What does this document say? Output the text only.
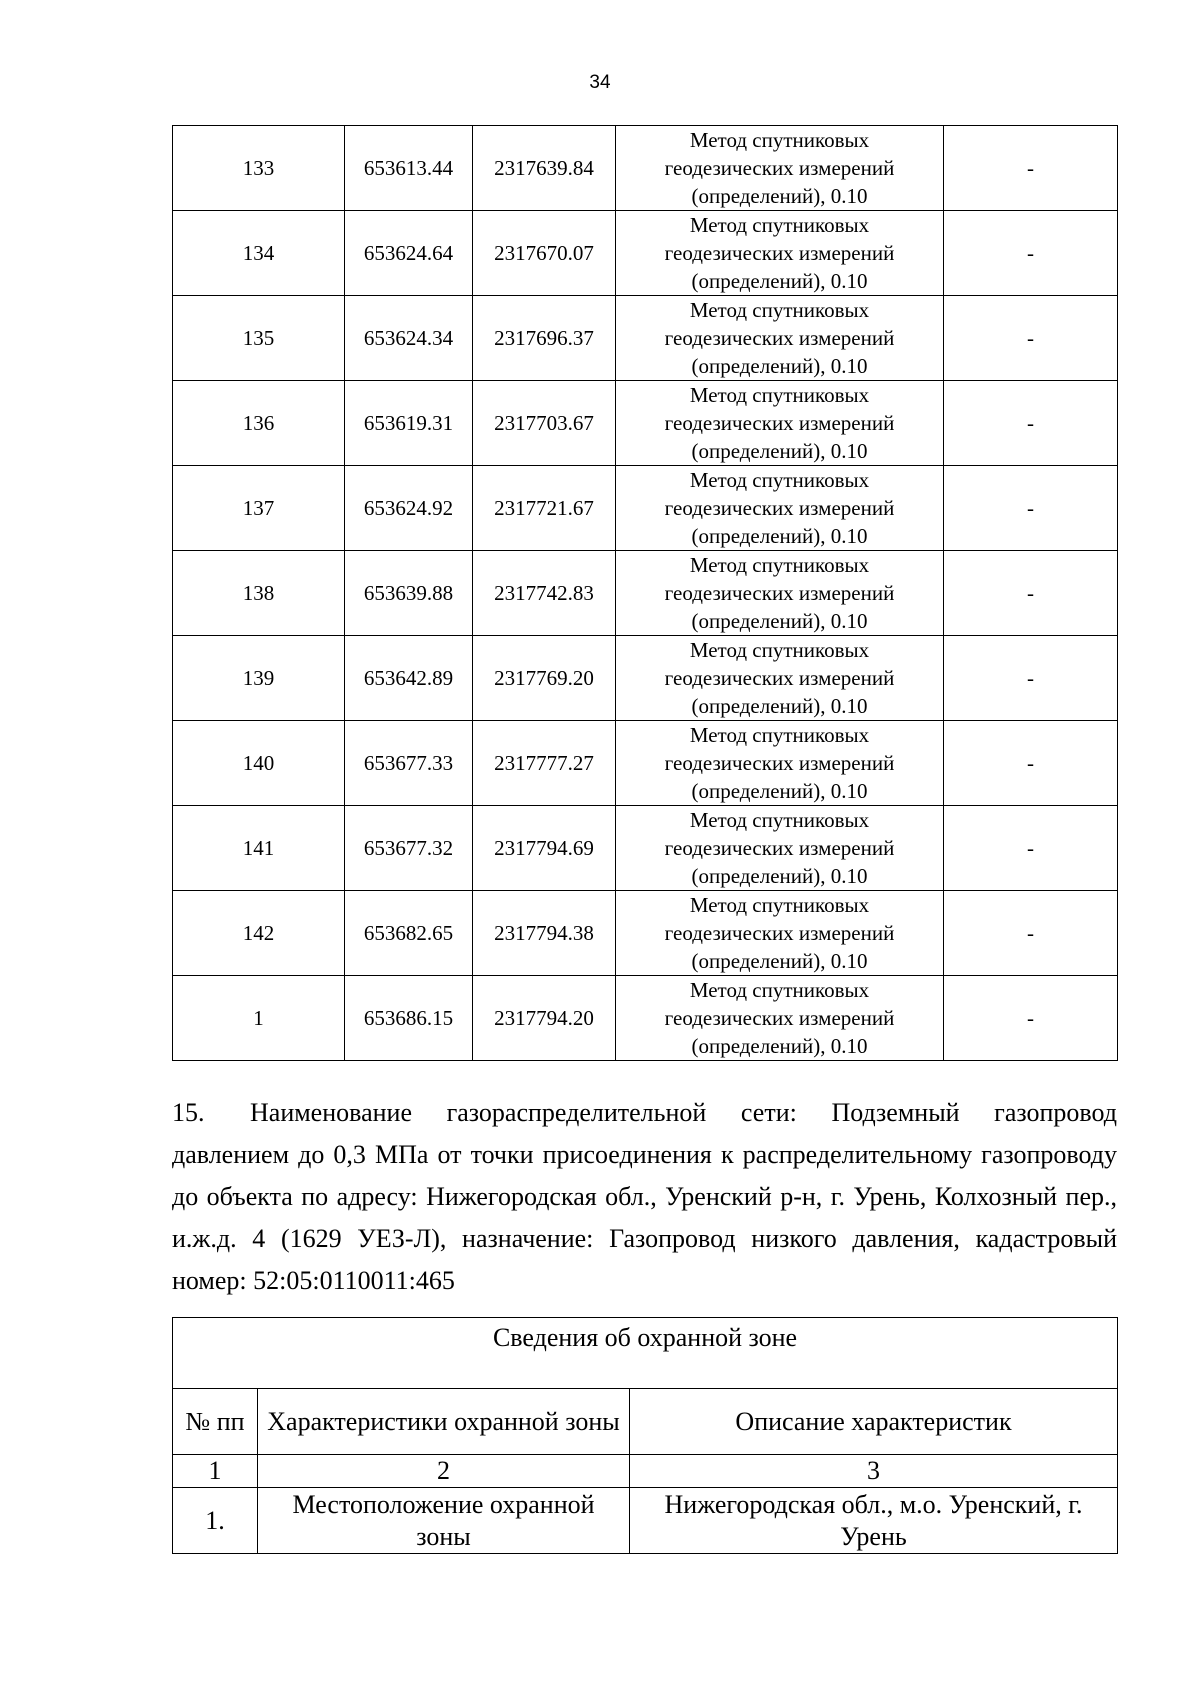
34
133	653613.44	2317639.84	Метод спутниковых
геодезических измерений
(определений), 0.10	-
134	653624.64	2317670.07	Метод спутниковых
геодезических измерений
(определений), 0.10	-
135	653624.34	2317696.37	Метод спутниковых
геодезических измерений
(определений), 0.10	-
136	653619.31	2317703.67	Метод спутниковых
геодезических измерений
(определений), 0.10	-
137	653624.92	2317721.67	Метод спутниковых
геодезических измерений
(определений), 0.10	-
138	653639.88	2317742.83	Метод спутниковых
геодезических измерений
(определений), 0.10	-
139	653642.89	2317769.20	Метод спутниковых
геодезических измерений
(определений), 0.10	-
140	653677.33	2317777.27	Метод спутниковых
геодезических измерений
(определений), 0.10	-
141	653677.32	2317794.69	Метод спутниковых
геодезических измерений
(определений), 0.10	-
142	653682.65	2317794.38	Метод спутниковых
геодезических измерений
(определений), 0.10	-
1	653686.15	2317794.20	Метод спутниковых
геодезических измерений
(определений), 0.10	-
15. Наименование газораспределительной сети: Подземный газопровод давлением до 0,3 МПа от точки присоединения к распределительному газопроводу до объекта по адресу: Нижегородская обл., Уренский р-н, г. Урень, Колхозный пер., и.ж.д. 4 (1629 УЕЗ-Л), назначение: Газопровод низкого давления, кадастровый номер: 52:05:0110011:465
Сведения об охранной зоне		
№ пп	Характеристики охранной зоны	Описание характеристик
1	2	3
1.	Местоположение охранной зоны	Нижегородская обл., м.о. Уренский, г. Урень
